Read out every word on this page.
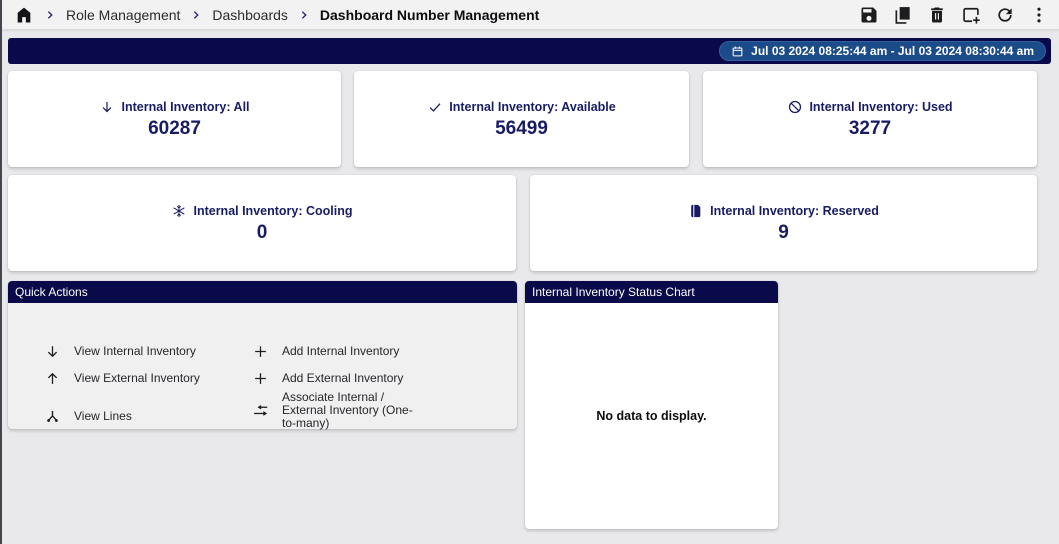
Role Management Dashboards Dashboard Number Management
Jul 03 2024 08:25:44 am - Jul 03 2024 08:30:44 am
Internal Inventory: All
60287
Internal Inventory: Available
56499
Internal Inventory: Used
3277
Internal Inventory: Cooling
0
Internal Inventory: Reserved
9
Quick Actions
View Internal Inventory
View External Inventory
View Lines
Add Internal Inventory
Add External Inventory
Associate Internal / External Inventory (One-to-many)
Internal Inventory Status Chart
No data to display.
